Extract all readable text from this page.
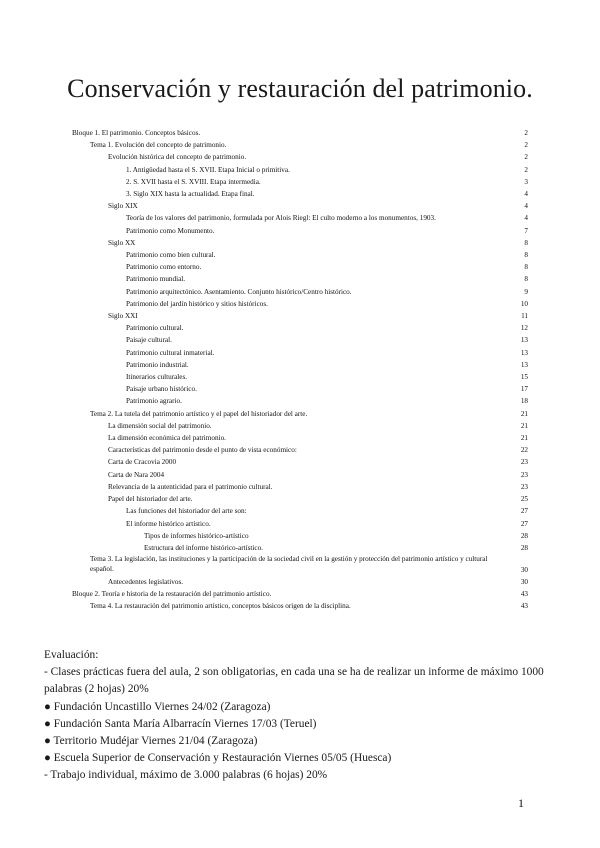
Conservación y restauración del patrimonio.
Bloque 1. El patrimonio. Conceptos básicos.	2
Tema 1. Evolución del concepto de patrimonio.	2
Evolución histórica del concepto de patrimonio.	2
1. Antigüedad hasta el S. XVII. Etapa Inicial o primitiva.	2
2. S. XVII hasta el S. XVIII. Etapa intermedia.	3
3. Siglo XIX hasta la actualidad. Etapa final.	4
Siglo XIX	4
Teoría de los valores del patrimonio, formulada por Alois Riegl: El culto moderno a los monumentos, 1903.	4
Patrimonio como Monumento.	7
Siglo XX	8
Patrimonio como bien cultural.	8
Patrimonio como entorno.	8
Patrimonio mundial.	8
Patrimonio arquitectónico. Asentamiento. Conjunto histórico/Centro histórico.	9
Patrimonio del jardín histórico y sitios históricos.	10
Siglo XXI	11
Patrimonio cultural.	12
Paisaje cultural.	13
Patrimonio cultural inmaterial.	13
Patrimonio industrial.	13
Itinerarios culturales.	15
Paisaje urbano histórico.	17
Patrimonio agrario.	18
Tema 2. La tutela del patrimonio artístico y el papel del historiador del arte.	21
La dimensión social del patrimonio.	21
La dimensión económica del patrimonio.	21
Características del patrimonio desde el punto de vista económico:	22
Carta de Cracovia 2000	23
Carta de Nara 2004	23
Relevancia de la autenticidad para el patrimonio cultural.	23
Papel del historiador del arte.	25
Las funciones del historiador del arte son:	27
El informe histórico artístico.	27
Tipos de informes histórico-artístico	28
Estructura del informe histórico-artístico.	28
Tema 3. La legislación, las instituciones y la participación de la sociedad civil en la gestión y protección del patrimonio artístico y cultural español.	30
Antecedentes legislativos.	30
Bloque 2. Teoría e historia de la restauración del patrimonio artístico.	43
Tema 4. La restauración del patrimonio artístico, conceptos básicos origen de la disciplina.	43

Evaluación:

- Clases prácticas fuera del aula, 2 son obligatorias, en cada una se ha de realizar un informe de máximo 1000 palabras (2 hojas) 20%

● Fundación Uncastillo Viernes 24/02 (Zaragoza)

● Fundación Santa María Albarracín Viernes 17/03 (Teruel)

● Territorio Mudéjar Viernes 21/04 (Zaragoza)

● Escuela Superior de Conservación y Restauración Viernes 05/05 (Huesca)

- Trabajo individual, máximo de 3.000 palabras (6 hojas) 20%

1
